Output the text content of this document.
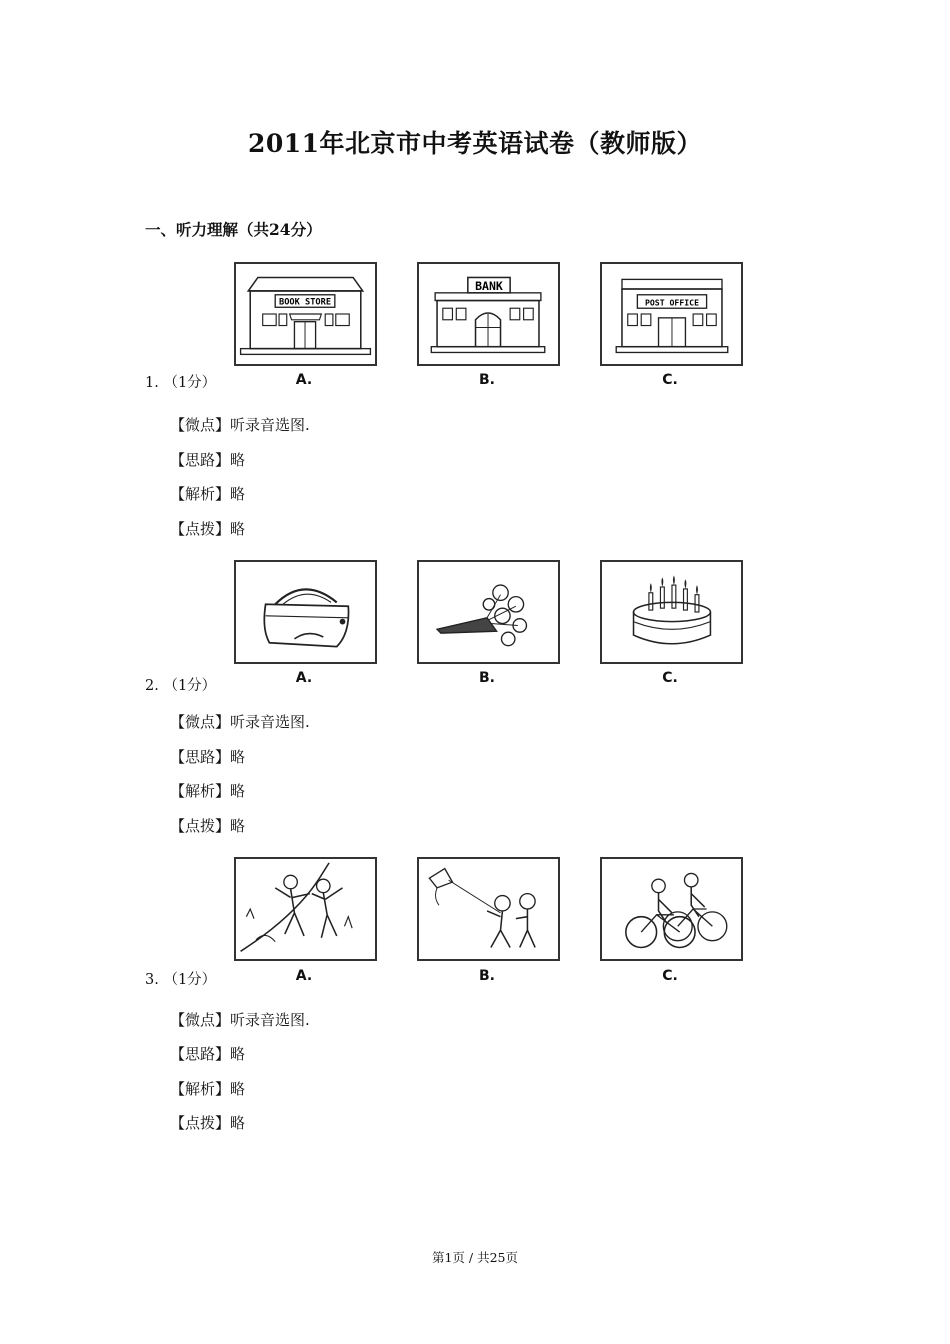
2011年北京市中考英语试卷（教师版）
一、听力理解（共24分）
BOOK STORE
BANK
POST OFFICE
1. （1分）	A.	B.	C.
【微点】听录音选图.
【思路】略
【解析】略
【点拨】略
2. （1分）	A.	B.	C.
【微点】听录音选图.
【思路】略
【解析】略
【点拨】略
3. （1分）	A.	B.	C.
【微点】听录音选图.
【思路】略
【解析】略
【点拨】略
第1页 / 共25页
